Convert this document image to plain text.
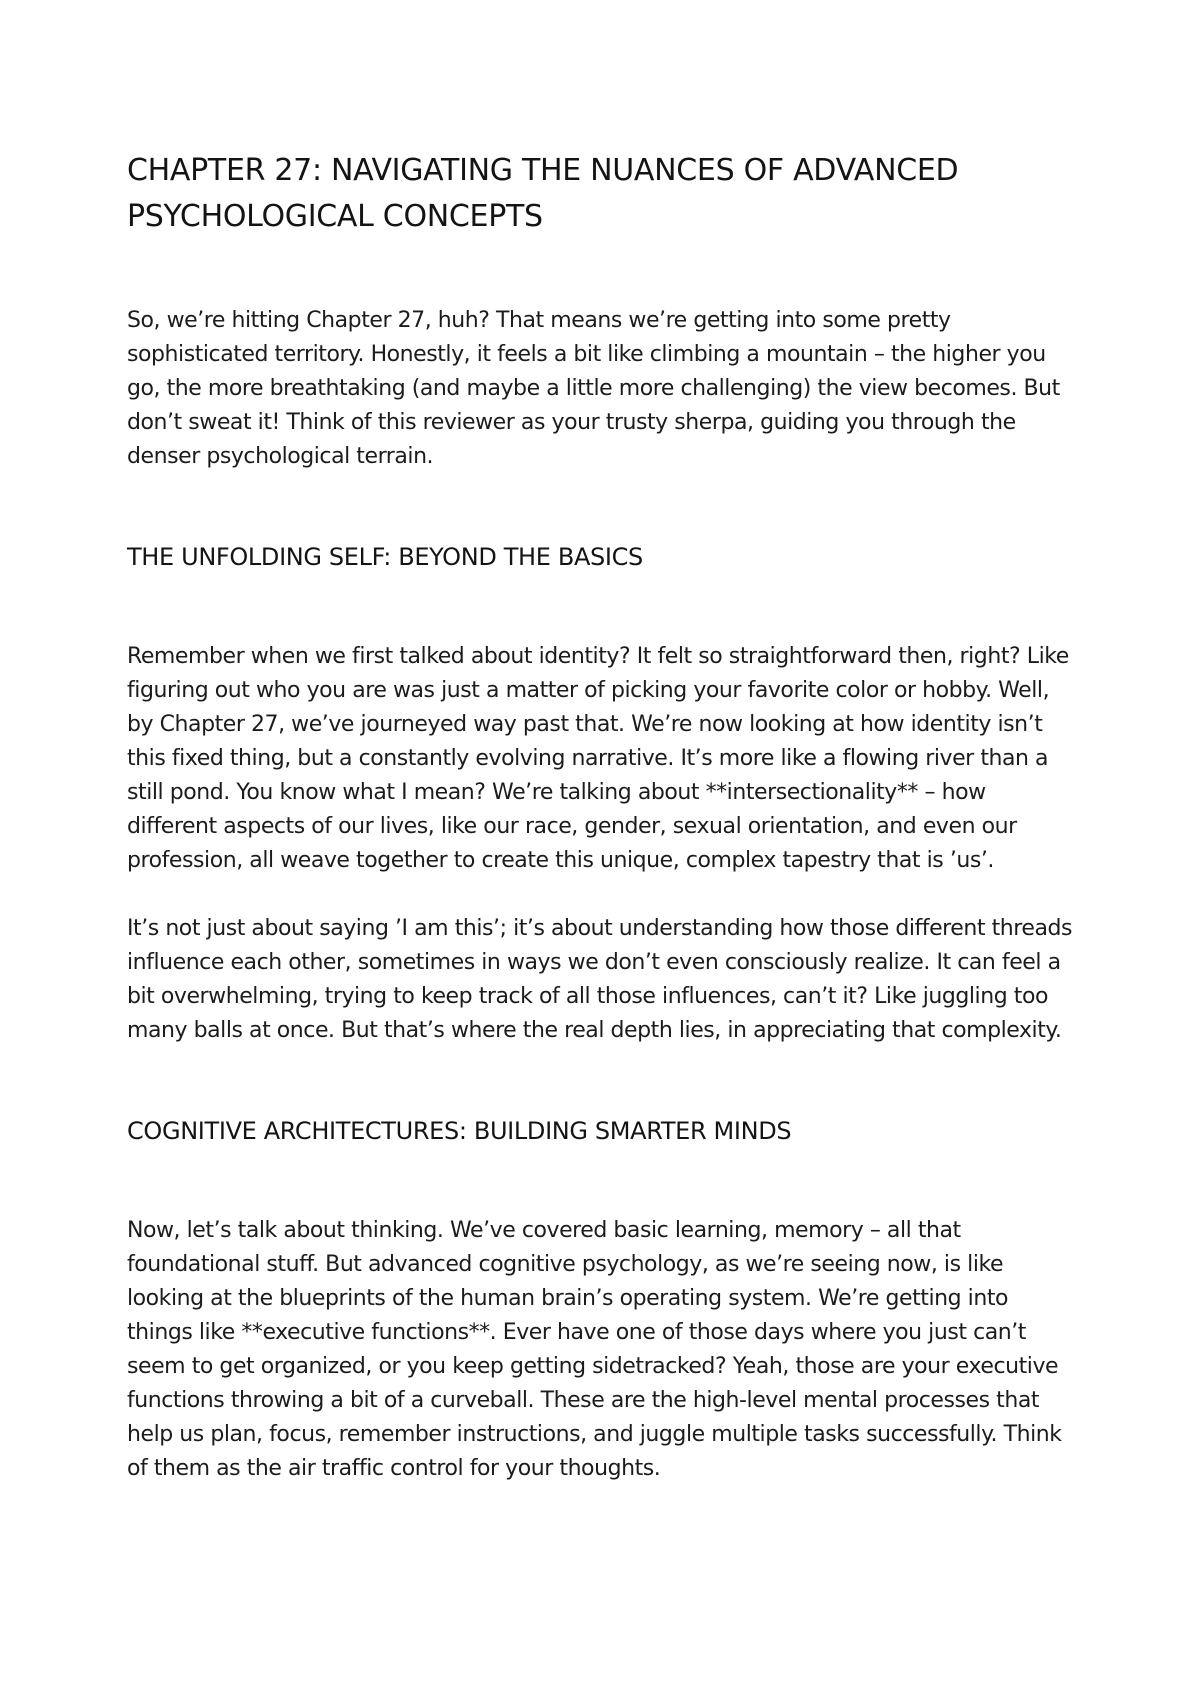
CHAPTER 27: NAVIGATING THE NUANCES OF ADVANCED PSYCHOLOGICAL CONCEPTS

So, we’re hitting Chapter 27, huh? That means we’re getting into some pretty sophisticated territory. Honestly, it feels a bit like climbing a mountain – the higher you go, the more breathtaking (and maybe a little more challenging) the view becomes. But don’t sweat it! Think of this reviewer as your trusty sherpa, guiding you through the denser psychological terrain.

THE UNFOLDING SELF: BEYOND THE BASICS

Remember when we first talked about identity? It felt so straightforward then, right? Like figuring out who you are was just a matter of picking your favorite color or hobby. Well, by Chapter 27, we’ve journeyed way past that. We’re now looking at how identity isn’t this fixed thing, but a constantly evolving narrative. It’s more like a flowing river than a still pond. You know what I mean? We’re talking about **intersectionality** – how different aspects of our lives, like our race, gender, sexual orientation, and even our profession, all weave together to create this unique, complex tapestry that is ’us’.

It’s not just about saying ’I am this’; it’s about understanding how those different threads influence each other, sometimes in ways we don’t even consciously realize. It can feel a bit overwhelming, trying to keep track of all those influences, can’t it? Like juggling too many balls at once. But that’s where the real depth lies, in appreciating that complexity.

COGNITIVE ARCHITECTURES: BUILDING SMARTER MINDS

Now, let’s talk about thinking. We’ve covered basic learning, memory – all that foundational stuff. But advanced cognitive psychology, as we’re seeing now, is like looking at the blueprints of the human brain’s operating system. We’re getting into things like **executive functions**. Ever have one of those days where you just can’t seem to get organized, or you keep getting sidetracked? Yeah, those are your executive functions throwing a bit of a curveball. These are the high-level mental processes that help us plan, focus, remember instructions, and juggle multiple tasks successfully. Think of them as the air traffic control for your thoughts.
